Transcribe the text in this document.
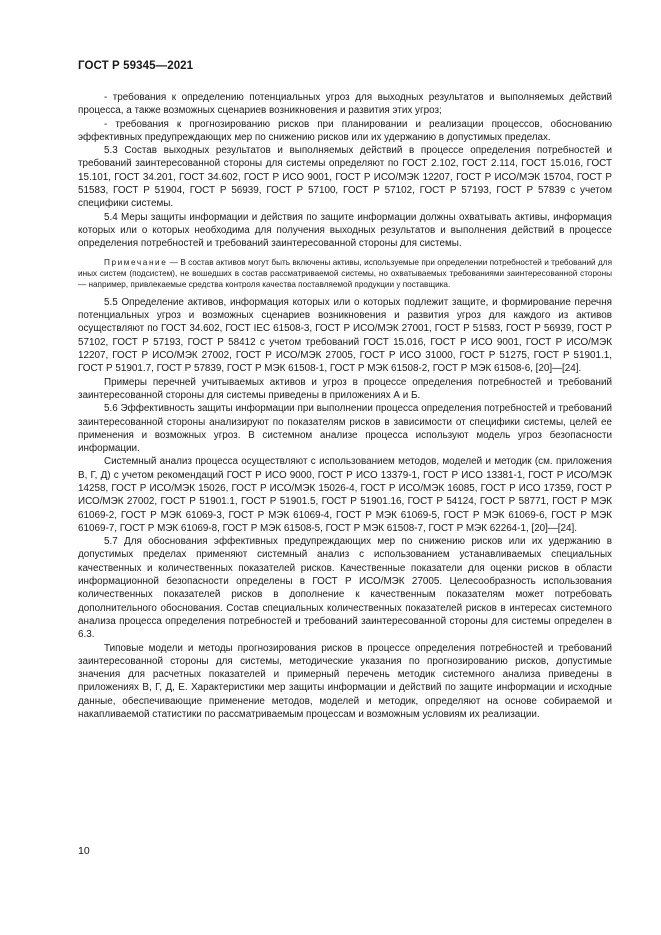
ГОСТ Р 59345—2021

- требования к определению потенциальных угроз для выходных результатов и выполняемых действий процесса, а также возможных сценариев возникновения и развития этих угроз;

- требования к прогнозированию рисков при планировании и реализации процессов, обоснованию эффективных предупреждающих мер по снижению рисков или их удержанию в допустимых пределах.

5.3 Состав выходных результатов и выполняемых действий в процессе определения потребностей и требований заинтересованной стороны для системы определяют по ГОСТ 2.102, ГОСТ 2.114, ГОСТ 15.016, ГОСТ 15.101, ГОСТ 34.201, ГОСТ 34.602, ГОСТ Р ИСО 9001, ГОСТ Р ИСО/МЭК 12207, ГОСТ Р ИСО/МЭК 15704, ГОСТ Р 51583, ГОСТ Р 51904, ГОСТ Р 56939, ГОСТ Р 57100, ГОСТ Р 57102, ГОСТ Р 57193, ГОСТ Р 57839 с учетом специфики системы.

5.4 Меры защиты информации и действия по защите информации должны охватывать активы, информация которых или о которых необходима для получения выходных результатов и выполнения действий в процессе определения потребностей и требований заинтересованной стороны для системы.

Примечание — В состав активов могут быть включены активы, используемые при определении потребностей и требований для иных систем (подсистем), не вошедших в состав рассматриваемой системы, но охватываемых требованиями заинтересованной стороны — например, привлекаемые средства контроля качества поставляемой продукции у поставщика.

5.5 Определение активов, информация которых или о которых подлежит защите, и формирование перечня потенциальных угроз и возможных сценариев возникновения и развития угроз для каждого из активов осуществляют по ГОСТ 34.602, ГОСТ IEC 61508-3, ГОСТ Р ИСО/МЭК 27001, ГОСТ Р 51583, ГОСТ Р 56939, ГОСТ Р 57102, ГОСТ Р 57193, ГОСТ Р 58412 с учетом требований ГОСТ 15.016, ГОСТ Р ИСО 9001, ГОСТ Р ИСО/МЭК 12207, ГОСТ Р ИСО/МЭК 27002, ГОСТ Р ИСО/МЭК 27005, ГОСТ Р ИСО 31000, ГОСТ Р 51275, ГОСТ Р 51901.1, ГОСТ Р 51901.7, ГОСТ Р 57839, ГОСТ Р МЭК 61508-1, ГОСТ Р МЭК 61508-2, ГОСТ Р МЭК 61508-6, [20]—[24].

Примеры перечней учитываемых активов и угроз в процессе определения потребностей и требований заинтересованной стороны для системы приведены в приложениях А и Б.

5.6 Эффективность защиты информации при выполнении процесса определения потребностей и требований заинтересованной стороны анализируют по показателям рисков в зависимости от специфики системы, целей ее применения и возможных угроз. В системном анализе процесса используют модель угроз безопасности информации.

Системный анализ процесса осуществляют с использованием методов, моделей и методик (см. приложения В, Г, Д) с учетом рекомендаций ГОСТ Р ИСО 9000, ГОСТ Р ИСО 13379-1, ГОСТ Р ИСО 13381-1, ГОСТ Р ИСО/МЭК 14258, ГОСТ Р ИСО/МЭК 15026, ГОСТ Р ИСО/МЭК 15026-4, ГОСТ Р ИСО/МЭК 16085, ГОСТ Р ИСО 17359, ГОСТ Р ИСО/МЭК 27002, ГОСТ Р 51901.1, ГОСТ Р 51901.5, ГОСТ Р 51901.16, ГОСТ Р 54124, ГОСТ Р 58771, ГОСТ Р МЭК 61069-2, ГОСТ Р МЭК 61069-3, ГОСТ Р МЭК 61069-4, ГОСТ Р МЭК 61069-5, ГОСТ Р МЭК 61069-6, ГОСТ Р МЭК 61069-7, ГОСТ Р МЭК 61069-8, ГОСТ Р МЭК 61508-5, ГОСТ Р МЭК 61508-7, ГОСТ Р МЭК 62264-1, [20]—[24].

5.7 Для обоснования эффективных предупреждающих мер по снижению рисков или их удержанию в допустимых пределах применяют системный анализ с использованием устанавливаемых специальных качественных и количественных показателей рисков. Качественные показатели для оценки рисков в области информационной безопасности определены в ГОСТ Р ИСО/МЭК 27005. Целесообразность использования количественных показателей рисков в дополнение к качественным показателям может потребовать дополнительного обоснования. Состав специальных количественных показателей рисков в интересах системного анализа процесса определения потребностей и требований заинтересованной стороны для системы определен в 6.3.

Типовые модели и методы прогнозирования рисков в процессе определения потребностей и требований заинтересованной стороны для системы, методические указания по прогнозированию рисков, допустимые значения для расчетных показателей и примерный перечень методик системного анализа приведены в приложениях В, Г, Д, Е. Характеристики мер защиты информации и действий по защите информации и исходные данные, обеспечивающие применение методов, моделей и методик, определяют на основе собираемой и накапливаемой статистики по рассматриваемым процессам и возможным условиям их реализации.

10
